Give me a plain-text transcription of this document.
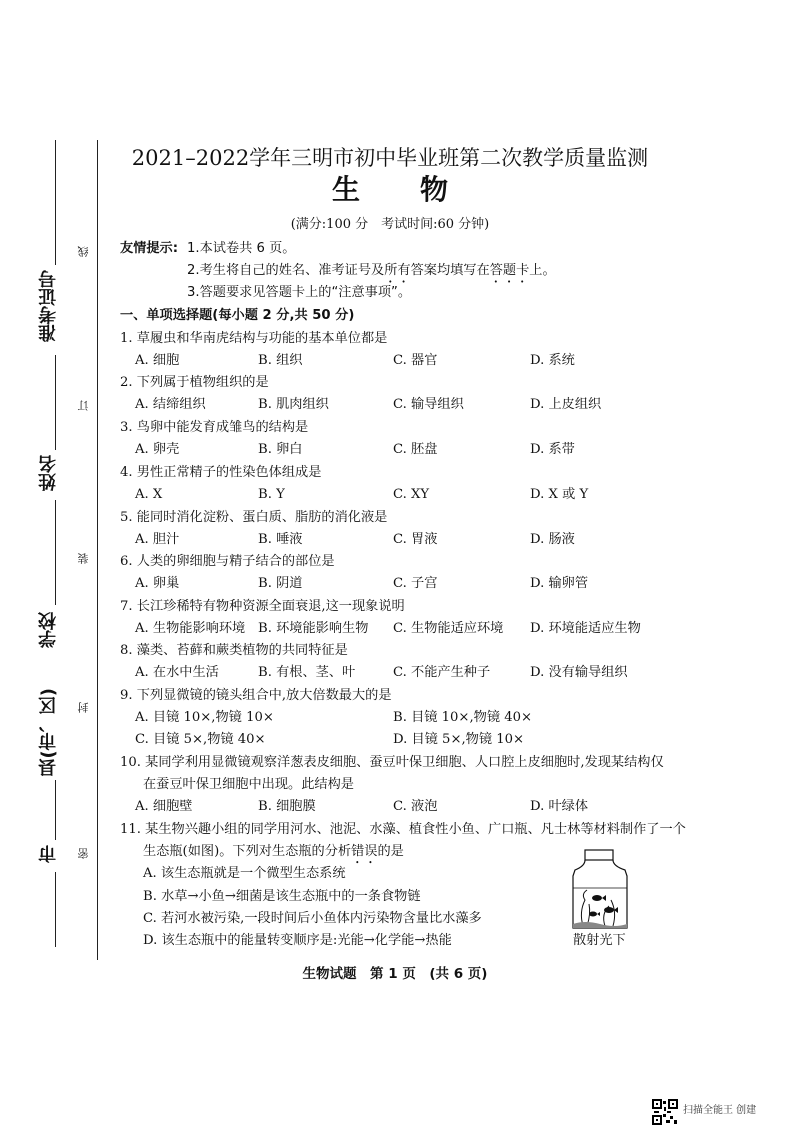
准考证号
姓名
学校
县(市、区)
市
线
订
装
封
密
2021–2022学年三明市初中毕业班第二次教学质量监测
生物
(满分:100 分　考试时间:60 分钟)
友情提示: 1.本试卷共 6 页。
2.考生将自己的姓名、准考证号及所有答案均填写在答题卡上。
3.答题要求见答题卡上的“注意事项”。
一、单项选择题(每小题 2 分,共 50 分)
1. 草履虫和华南虎结构与功能的基本单位都是
A. 细胞	B. 组织	C. 器官	D. 系统
2. 下列属于植物组织的是
A. 结缔组织	B. 肌肉组织	C. 输导组织	D. 上皮组织
3. 鸟卵中能发育成雏鸟的结构是
A. 卵壳	B. 卵白	C. 胚盘	D. 系带
4. 男性正常精子的性染色体组成是
A. X	B. Y	C. XY	D. X 或 Y
5. 能同时消化淀粉、蛋白质、脂肪的消化液是
A. 胆汁	B. 唾液	C. 胃液	D. 肠液
6. 人类的卵细胞与精子结合的部位是
A. 卵巢	B. 阴道	C. 子宫	D. 输卵管
7. 长江珍稀特有物种资源全面衰退,这一现象说明
A. 生物能影响环境 B. 环境能影响生物 C. 生物能适应环境 D. 环境能适应生物
8. 藻类、苔藓和蕨类植物的共同特征是
A. 在水中生活	B. 有根、茎、叶	C. 不能产生种子	D. 没有输导组织
9. 下列显微镜的镜头组合中,放大倍数最大的是
A. 目镜 10×,物镜 10×	B. 目镜 10×,物镜 40×
C. 目镜 5×,物镜 40×	D. 目镜 5×,物镜 10×
10. 某同学利用显微镜观察洋葱表皮细胞、蚕豆叶保卫细胞、人口腔上皮细胞时,发现某结构仅
在蚕豆叶保卫细胞中出现。此结构是
A. 细胞壁	B. 细胞膜	C. 液泡	D. 叶绿体
11. 某生物兴趣小组的同学用河水、池泥、水藻、植食性小鱼、广口瓶、凡士林等材料制作了一个
生态瓶(如图)。下列对生态瓶的分析错误的是
A. 该生态瓶就是一个微型生态系统
B. 水草→小鱼→细菌是该生态瓶中的一条食物链
C. 若河水被污染,一段时间后小鱼体内污染物含量比水藻多
D. 该生态瓶中的能量转变顺序是:光能→化学能→热能	散射光下
生物试题　第 1 页　(共 6 页)
扫描全能王 创建
